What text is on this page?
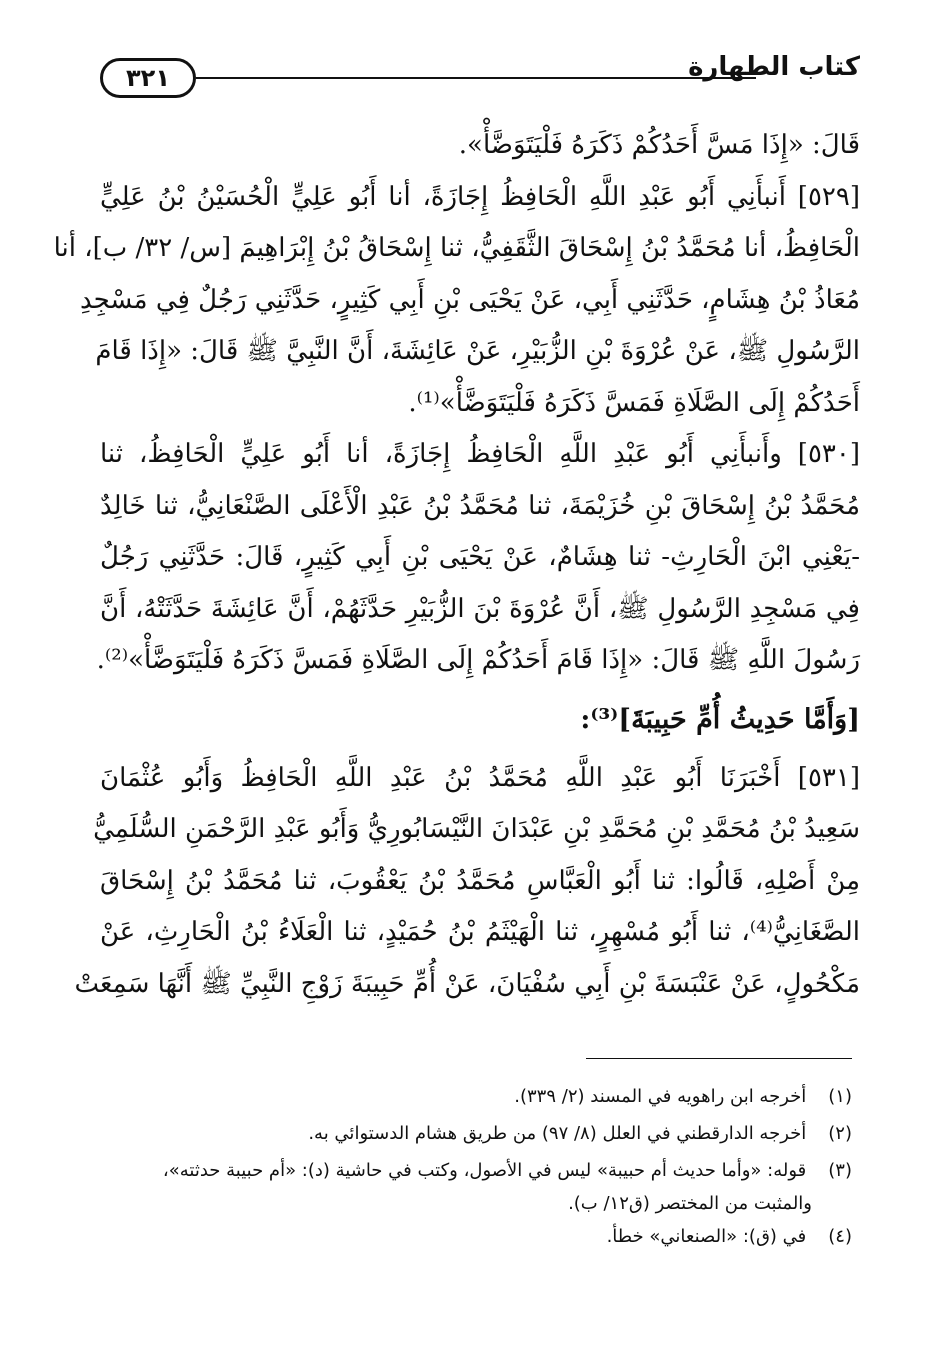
٣٢١	كتاب الطهارة
قَالَ: «إِذَا مَسَّ أَحَدُكُمْ ذَكَرَهُ فَلْيَتَوَضَّأْ».
[٥٢٩] أَنبأَنِي أَبُو عَبْدِ اللَّهِ الْحَافِظُ إِجَازَةً، أنا أَبُو عَلِيٍّ الْحُسَيْنُ بْنُ عَلِيٍّ
الْحَافِظُ، أنا مُحَمَّدُ بْنُ إِسْحَاقَ الثَّقَفِيُّ، ثنا إِسْحَاقُ بْنُ إِبْرَاهِيمَ [س/ ٣٢/ ب]، أنا
مُعَاذُ بْنُ هِشَامٍ، حَدَّثَنِي أَبِي، عَنْ يَحْيَى بْنِ أَبِي كَثِيرٍ، حَدَّثَنِي رَجُلٌ فِي مَسْجِدِ
الرَّسُولِ ﷺ، عَنْ عُرْوَةَ بْنِ الزُّبَيْرِ، عَنْ عَائِشَةَ، أَنَّ النَّبِيَّ ﷺ قَالَ: «إِذَا قَامَ
أَحَدُكُمْ إِلَى الصَّلَاةِ فَمَسَّ ذَكَرَهُ فَلْيَتَوَضَّأْ»⁽¹⁾.
[٥٣٠] وأَنبأَنِي أَبُو عَبْدِ اللَّهِ الْحَافِظُ إِجَازَةً، أنا أَبُو عَلِيٍّ الْحَافِظُ، ثنا
مُحَمَّدُ بْنُ إِسْحَاقَ بْنِ خُزَيْمَةَ، ثنا مُحَمَّدُ بْنُ عَبْدِ الْأَعْلَى الصَّنْعَانِيُّ، ثنا خَالِدٌ
-يَعْنِي ابْنَ الْحَارِثِ- ثنا هِشَامٌ، عَنْ يَحْيَى بْنِ أَبِي كَثِيرٍ، قَالَ: حَدَّثَنِي رَجُلٌ
فِي مَسْجِدِ الرَّسُولِ ﷺ، أَنَّ عُرْوَةَ بْنَ الزُّبَيْرِ حَدَّثَهُمْ، أَنَّ عَائِشَةَ حَدَّثَتْهُ، أَنَّ
رَسُولَ اللَّهِ ﷺ قَالَ: «إِذَا قَامَ أَحَدُكُمْ إِلَى الصَّلَاةِ فَمَسَّ ذَكَرَهُ فَلْيَتَوَضَّأْ»⁽²⁾.
[وَأَمَّا حَدِيثُ أُمِّ حَبِيبَةَ]⁽³⁾:
[٥٣١] أَخْبَرَنَا أَبُو عَبْدِ اللَّهِ مُحَمَّدُ بْنُ عَبْدِ اللَّهِ الْحَافِظُ وَأَبُو عُثْمَانَ
سَعِيدُ بْنُ مُحَمَّدِ بْنِ مُحَمَّدِ بْنِ عَبْدَانَ النَّيْسَابُورِيُّ وَأَبُو عَبْدِ الرَّحْمَنِ السُّلَمِيُّ
مِنْ أَصْلِهِ، قَالُوا: ثنا أَبُو الْعَبَّاسِ مُحَمَّدُ بْنُ يَعْقُوبَ، ثنا مُحَمَّدُ بْنُ إِسْحَاقَ
الصَّغَانِيُّ⁽⁴⁾، ثنا أَبُو مُسْهِرٍ، ثنا الْهَيْثَمُ بْنُ حُمَيْدٍ، ثنا الْعَلَاءُ بْنُ الْحَارِثِ، عَنْ
مَكْحُولٍ، عَنْ عَنْبَسَةَ بْنِ أَبِي سُفْيَانَ، عَنْ أُمِّ حَبِيبَةَ زَوْجِ النَّبِيِّ ﷺ أَنَّهَا سَمِعَتْ
(١) أخرجه ابن راهويه في المسند (٢/ ٣٣٩).
(٢) أخرجه الدارقطني في العلل (٨/ ٩٧) من طريق هشام الدستوائي به.
(٣) قوله: «وأما حديث أم حبيبة» ليس في الأصول، وكتب في حاشية (د): «أم حبيبة حدثته»،
والمثبت من المختصر (ق١٢/ ب).
(٤) في (ق): «الصنعاني» خطأ.
